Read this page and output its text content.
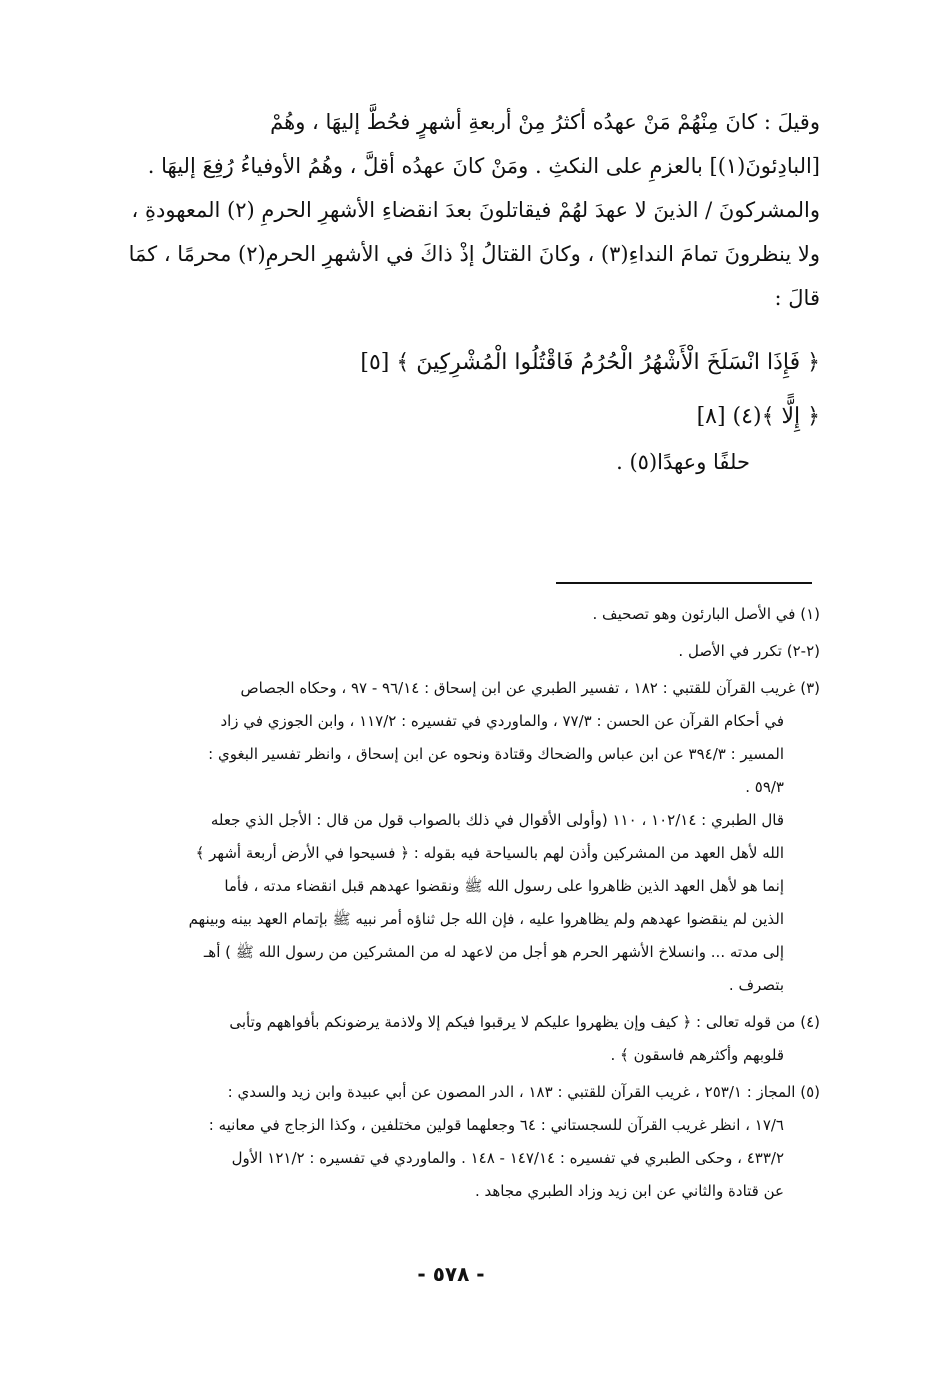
وقيلَ : كانَ مِنْهُمْ مَنْ عهدُه أكثرُ مِنْ أربعةِ أشهرٍ فحُطَّ إليهَا ، وهُمْ
[البادِئونَ(١)] بالعزمِ على النكثِ . ومَنْ كانَ عهدُه أقلَّ ، وهُمُ الأوفياءُ رُفِعَ إليهَا .
والمشركونَ / الذينَ لا عهدَ لهُمْ فيقاتلونَ بعدَ انقضاءِ الأشهرِ الحرمِ (٢) المعهودةِ ،
ولا ينظرونَ تمامَ النداءِ(٣) ، وكانَ القتالُ إذْ ذاكَ في الأشهرِ الحرمِ(٢) محرمًا ، كمَا
قالَ :
﴿ فَإِذَا انْسَلَخَ الْأَشْهُرُ الْحُرُمُ فَاقْتُلُوا الْمُشْرِكِينَ ﴾ [٥]
﴿ إِلًّا ﴾(٤) [٨]
حلفًا وعهدًا(٥) .
(١) في الأصل البارئون وهو تصحيف .
(٢-٢) تكرر في الأصل .
(٣) غريب القرآن للقتبي : ١٨٢ ، تفسير الطبري عن ابن إسحاق : ٩٦/١٤ - ٩٧ ، وحكاه الجصاص
في أحكام القرآن عن الحسن : ٧٧/٣ ، والماوردي في تفسيره : ١١٧/٢ ، وابن الجوزي في زاد
المسير : ٣٩٤/٣ عن ابن عباس والضحاك وقتادة ونحوه عن ابن إسحاق ، وانظر تفسير البغوي :
٥٩/٣ .
قال الطبري : ١٠٢/١٤ ، ١١٠ (وأولى الأقوال في ذلك بالصواب قول من قال : الأجل الذي جعله
الله لأهل العهد من المشركين وأذن لهم بالسياحة فيه بقوله : ﴿ فسيحوا في الأرض أربعة أشهر ﴾
إنما هو لأهل العهد الذين ظاهروا على رسول الله ﷺ ونقضوا عهدهم قبل انقضاء مدته ، فأما
الذين لم ينقضوا عهدهم ولم يظاهروا عليه ، فإن الله جل ثناؤه أمر نبيه ﷺ بإتمام العهد بينه وبينهم
إلى مدته ... وانسلاخ الأشهر الحرم هو أجل من لاعهد له من المشركين من رسول الله ﷺ ) أهـ
بتصرف .
(٤) من قوله تعالى : ﴿ كيف وإن يظهروا عليكم لا يرقبوا فيكم إلا ولاذمة يرضونكم بأفواههم وتأبى
قلوبهم وأكثرهم فاسقون ﴾ .
(٥) المجاز : ٢٥٣/١ ، غريب القرآن للقتبي : ١٨٣ ، الدر المصون عن أبي عبيدة وابن زيد والسدي :
١٧/٦ ، انظر غريب القرآن للسجستاني : ٦٤ وجعلهما قولين مختلفين ، وكذا الزجاج في معانيه :
٤٣٣/٢ ، وحكى الطبري في تفسيره : ١٤٧/١٤ - ١٤٨ . والماوردي في تفسيره : ١٢١/٢ الأول
عن قتادة والثاني عن ابن زيد وزاد الطبري مجاهد .
- ٥٧٨ -
